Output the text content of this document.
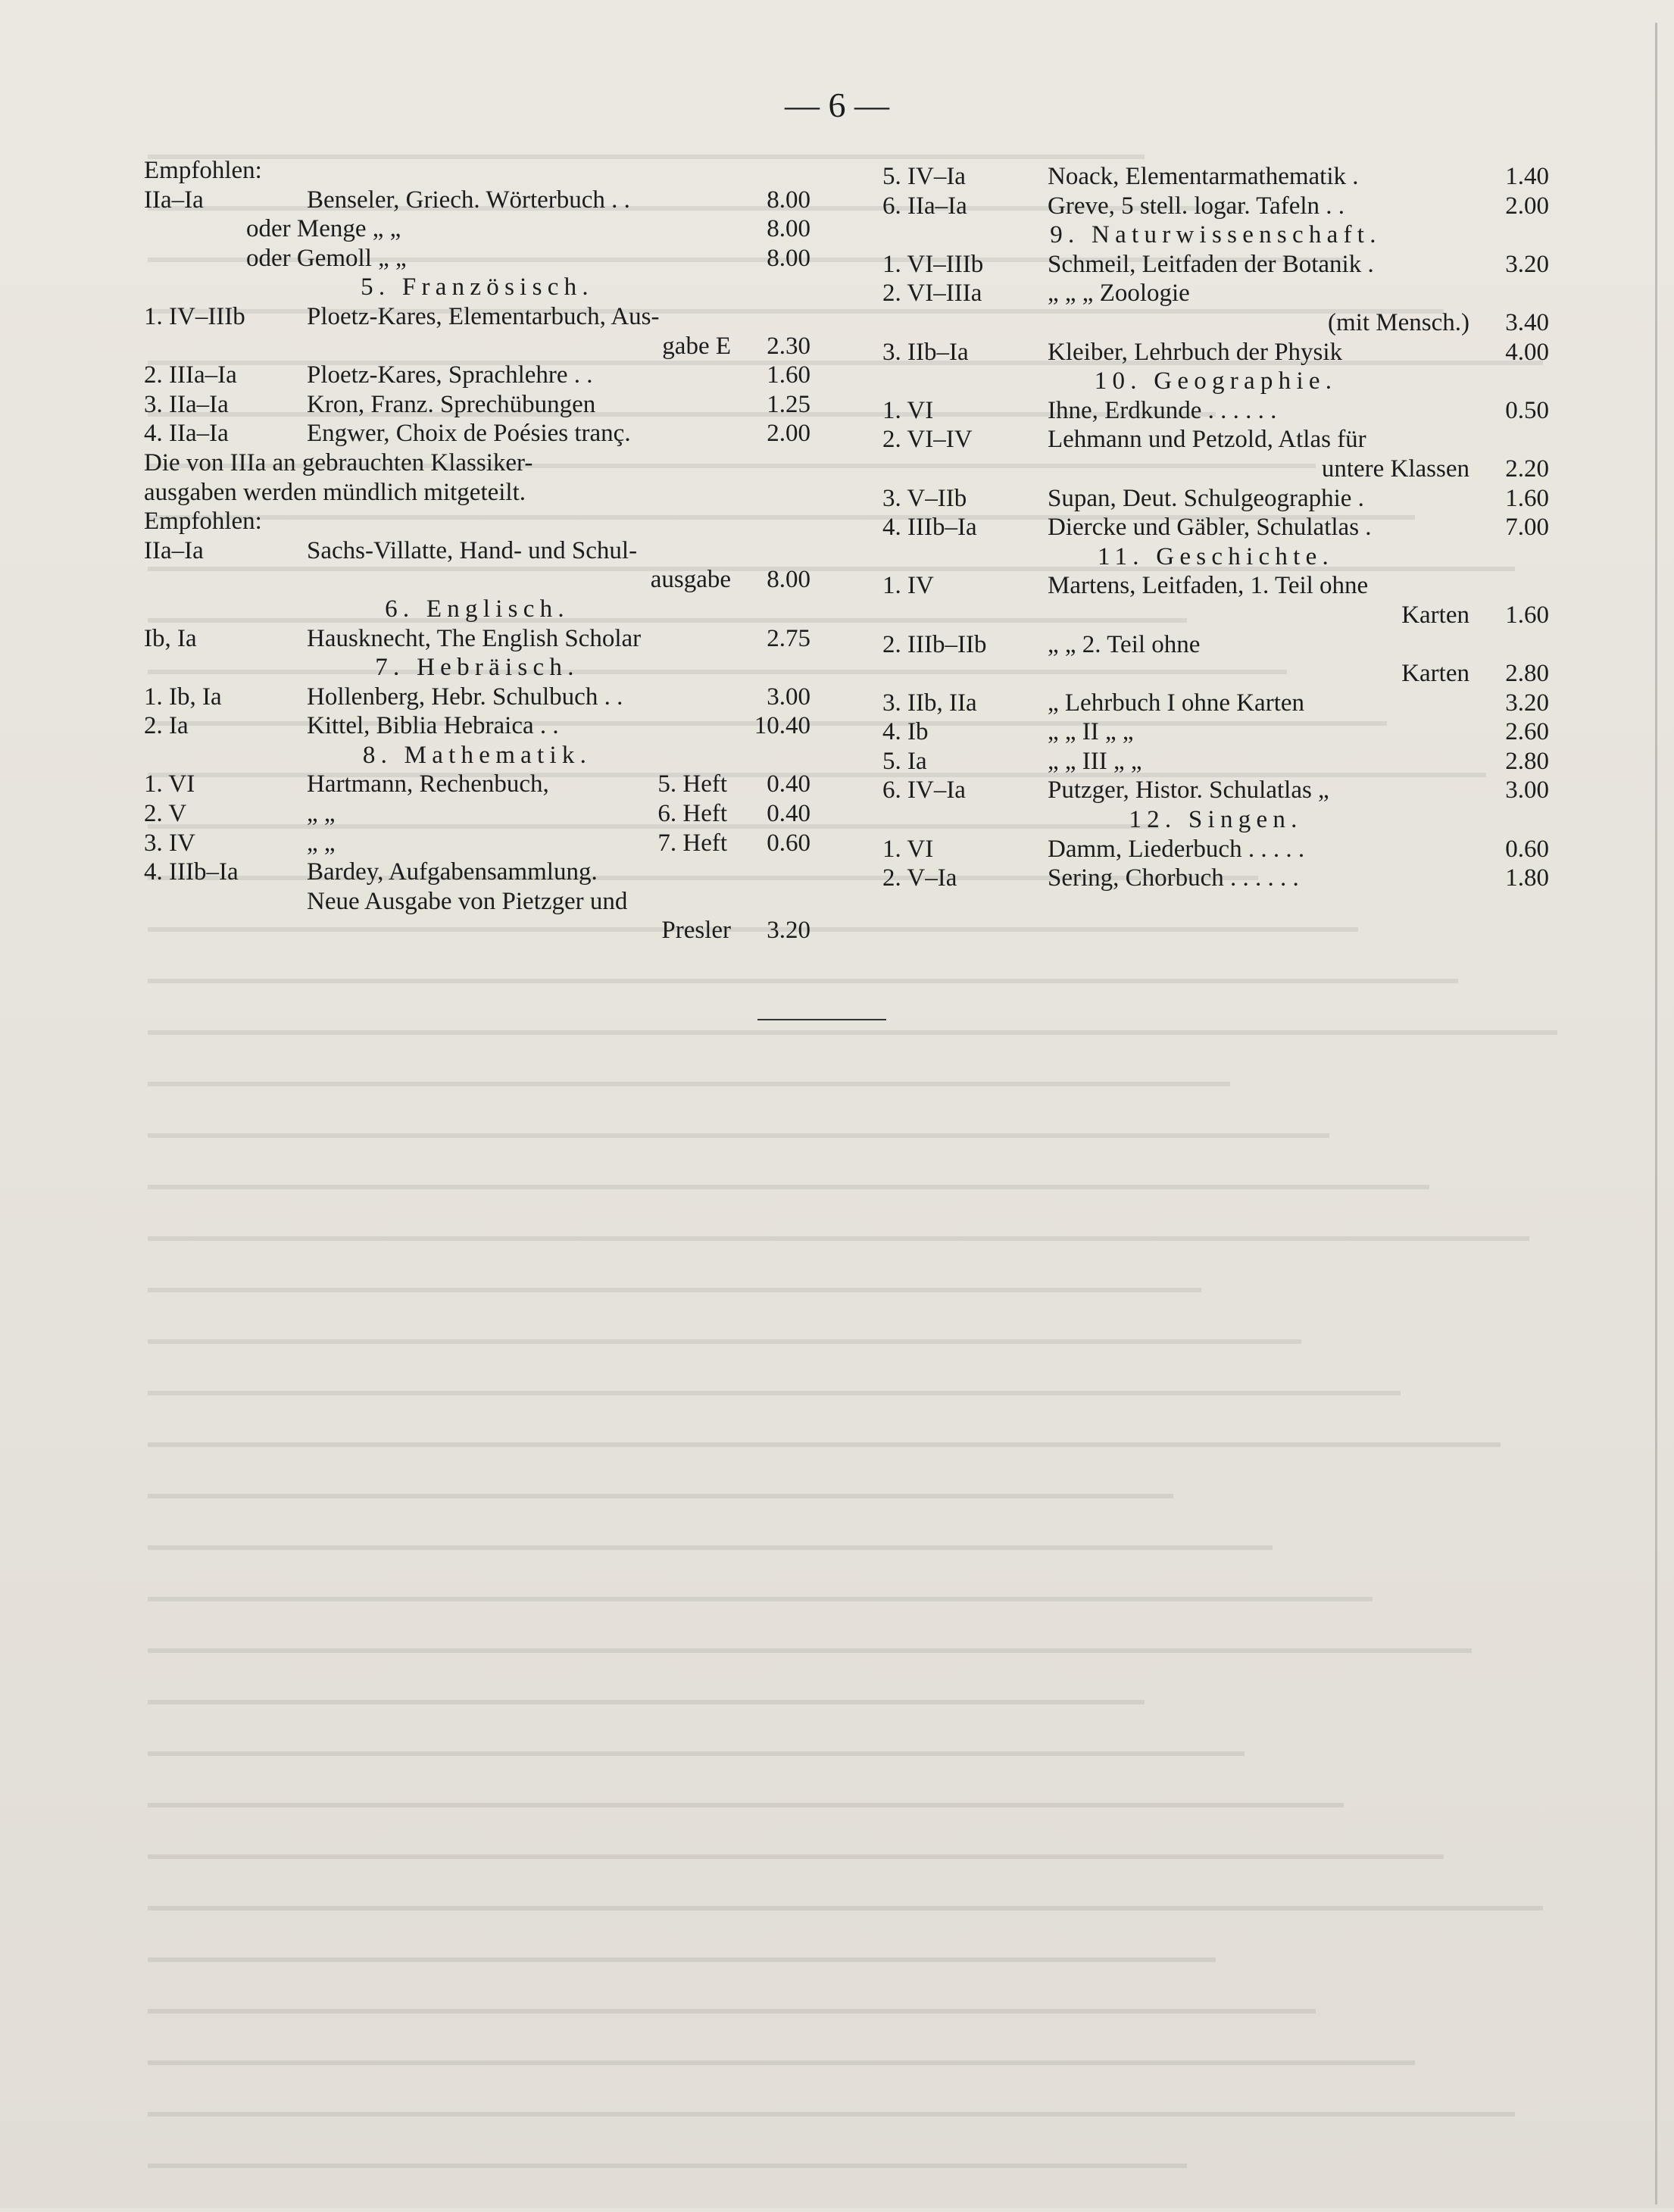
— 6 —
Empfohlen:
IIa–Ia	Benseler, Griech. Wörterbuch . .	8.00
oder Menge „ „	8.00
oder Gemoll „ „	8.00
5. Französisch.
1. IV–IIIb Ploetz-Kares, Elementarbuch, Aus-
gabe E 2.30
2. IIIa–Ia	Ploetz-Kares, Sprachlehre . .	1.60
3. IIa–Ia	Kron, Franz. Sprechübungen	1.25
4. IIa–Ia	Engwer, Choix de Poésies tranç.	2.00
Die von IIIa an gebrauchten Klassiker-
ausgaben werden mündlich mitgeteilt.
Empfohlen:
IIa–Ia	Sachs-Villatte, Hand- und Schul-
ausgabe 8.00
6. Englisch.
Ib, Ia	Hausknecht, The English Scholar	2.75
7. Hebräisch.
1. Ib, Ia	Hollenberg, Hebr. Schulbuch . .	3.00
2. Ia	Kittel, Biblia Hebraica . .	10.40
8. Mathematik.
1. VI	Hartmann, Rechenbuch,	5. Heft 0.40
2. V	„ „	6. Heft 0.40
3. IV	„ „	7. Heft 0.60
4. IIIb–Ia	Bardey, Aufgabensammlung.
Neue Ausgabe von Pietzger und
Presler 3.20
5. IV–Ia	Noack, Elementarmathematik .	1.40
6. IIa–Ia	Greve, 5 stell. logar. Tafeln . .	2.00
9. Naturwissenschaft.
1. VI–IIIb	Schmeil, Leitfaden der Botanik .	3.20
2. VI–IIIa	„ „ „ Zoologie
(mit Mensch.) 3.40
3. IIb–Ia	Kleiber, Lehrbuch der Physik	4.00
10. Geographie.
1. VI	Ihne, Erdkunde . . . . . .	0.50
2. VI–IV	Lehmann und Petzold, Atlas für
untere Klassen 2.20
3. V–IIb	Supan, Deut. Schulgeographie .	1.60
4. IIIb–Ia	Diercke und Gäbler, Schulatlas .	7.00
11. Geschichte.
1. IV	Martens, Leitfaden, 1. Teil ohne
Karten 1.60
2. IIIb–IIb „ „ 2. Teil ohne
Karten 2.80
3. IIb, IIa	„ Lehrbuch I ohne Karten	3.20
4. Ib	„ „ II „ „	2.60
5. Ia	„ „ III „ „	2.80
6. IV–Ia	Putzger, Histor. Schulatlas „	3.00
12. Singen.
1. VI	Damm, Liederbuch . . . . .	0.60
2. V–Ia	Sering, Chorbuch . . . . . .	1.80
